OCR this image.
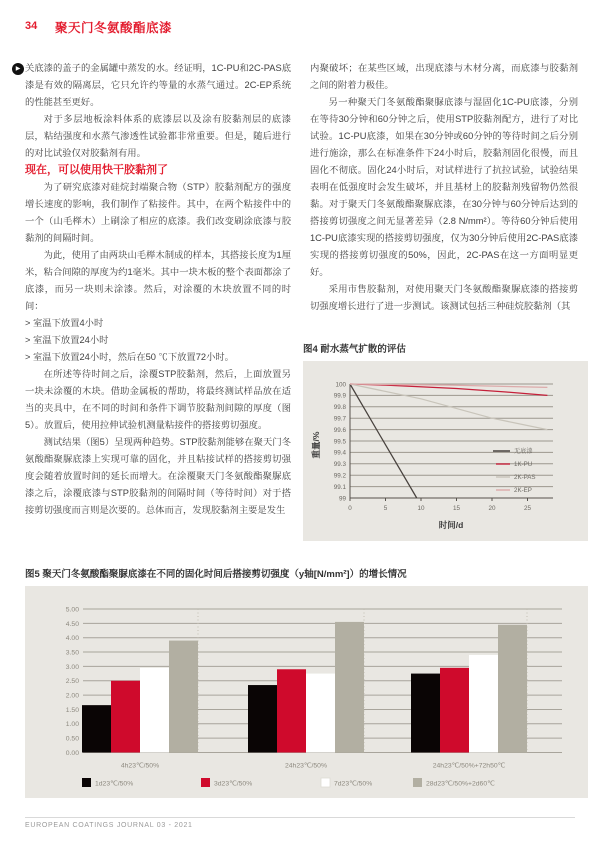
34 聚天门冬氨酸酯底漆
▶ 关底漆的盖子的金属罐中蒸发的水。经证明，1C-PU和2C-PAS底漆是有效的隔离层，它只允许约等量的水蒸气通过。2C-EP系统的性能甚至更好。

对于多层地板涂料体系的底漆层以及涂有胶黏剂层的底漆层，粘结强度和水蒸气渗透性试验都非常重要。但是，随后进行的对比试验仅对胶黏剂有用。

现在，可以使用快干胶黏剂了

为了研究底漆对硅烷封端聚合物（STP）胶黏剂配方的强度增长速度的影响，我们制作了粘接件。其中，在两个粘接件中的一个（山毛榉木）上刷涂了相应的底漆。我们改变刷涂底漆与胶黏剂的间隔时间。

为此，使用了由两块山毛榉木制成的样本，其搭接长度为1厘米，粘合间隙的厚度为约1毫米。其中一块木板的整个表面都涂了底漆，而另一块则未涂漆。然后，对涂覆的木块放置不同的时间：

> 室温下放置4小时

> 室温下放置24小时

> 室温下放置24小时，然后在50 ℃下放置72小时。

在所述等待时间之后，涂覆STP胶黏剂，然后，上面放置另一块未涂覆的木块。借助金属板的帮助，将最终测试样品放在适当的夹具中，在不同的时间和条件下调节胶黏剂间隙的厚度（图5）。放置后，使用拉伸试验机测量粘接件的搭接剪切强度。

测试结果（图5）呈现两种趋势。STP胶黏剂能够在聚天门冬氨酸酯聚脲底漆上实现可靠的固化，并且粘接试样的搭接剪切强度会随着放置时间的延长而增大。在涂覆聚天门冬氨酸酯聚脲底漆之后，涂覆底漆与STP胶黏剂的间隔时间（等待时间）对于搭接剪切强度而言则是次要的。总体而言，发现胶黏剂主要是发生

内聚破坏；在某些区域，出现底漆与木材分离，而底漆与胶黏剂之间的附着力极佳。

另一种聚天门冬氨酸酯聚脲底漆与湿固化1C-PU底漆，分别在等待30分钟和60分钟之后，使用STP胶黏剂配方，进行了对比试验。1C-PU底漆，如果在30分钟或60分钟的等待时间之后分别进行施涂，那么在标准条件下24小时后，胶黏剂固化很慢，而且固化不彻底。固化24小时后，对试样进行了抗拉试验，试验结果表明在低强度时会发生破坏，并且基材上的胶黏剂残留物仍然很黏。对于聚天门冬氨酸酯聚脲底漆，在30分钟与60分钟后达到的搭接剪切强度之间无显著差异（2.8 N/mm²）。等待60分钟后使用1C-PU底漆实现的搭接剪切强度，仅为30分钟后使用2C-PAS底漆实现的搭接剪切强度的50%，因此，2C-PAS在这一方面明显更好。

采用市售胶黏剂，对使用聚天门冬氨酸酯聚脲底漆的搭接剪切强度增长进行了进一步测试。该测试包括三种硅烷胶黏剂（其

图4 耐水蒸气扩散的评估
99
99.1
99.2
99.3
99.4
99.5
99.6
99.7
99.8
99.9
100
0	5	10	15	20	25
时间/d
重量/%	无底漆
1K-PU
2K-PAS
2K-EP
图5 聚天门冬氨酸酯聚脲底漆在不同的固化时间后搭接剪切强度（y轴[N/mm²]）的增长情况
0.00
0.50
1.00
1.50
2.00
2.50
3.00
3.50
4.00
4.50
5.00
4h23℃/50%	24h23℃/50%	24h23℃/50%+72h50℃
1d23℃/50%	3d23℃/50%	7d23℃/50%	28d23℃/50%+2d60℃
EUROPEAN COATINGS JOURNAL 03 - 2021
